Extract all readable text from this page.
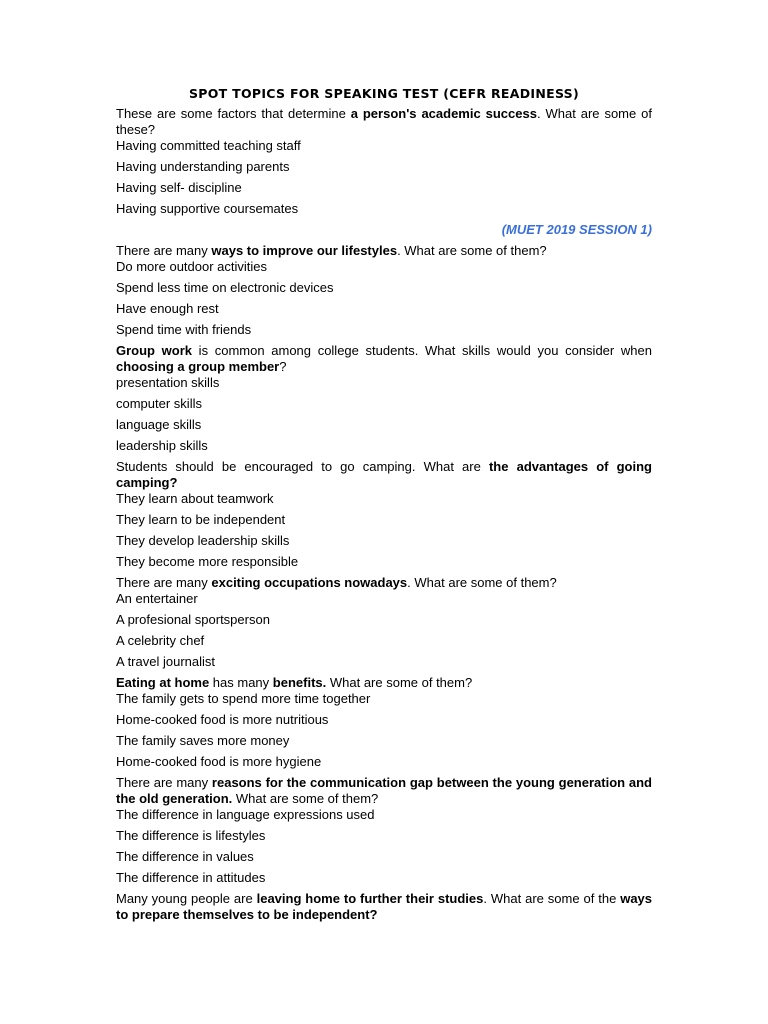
SPOT TOPICS FOR SPEAKING TEST (CEFR READINESS)
These are some factors that determine a person's academic success. What are some of these?
Having committed teaching staff
Having understanding parents
Having self- discipline
Having supportive coursemates
(MUET 2019 SESSION 1)
There are many ways to improve our lifestyles. What are some of them?
Do more outdoor activities
Spend less time on electronic devices
Have enough rest
Spend time with friends
Group work is common among college students. What skills would you consider when choosing a group member?
presentation skills
computer skills
language skills
leadership skills
Students should be encouraged to go camping. What are the advantages of going camping?
They learn about teamwork
They learn to be independent
They develop leadership skills
They become more responsible
There are many exciting occupations nowadays. What are some of them?
An entertainer
A profesional sportsperson
A celebrity chef
A travel journalist
Eating at home has many benefits. What are some of them?
The family gets to spend more time together
Home-cooked food is more nutritious
The family saves more money
Home-cooked food is more hygiene
There are many reasons for the communication gap between the young generation and the old generation. What are some of them?
The difference in language expressions used
The difference is lifestyles
The difference in values
The difference in attitudes
Many young people are leaving home to further their studies. What are some of the ways to prepare themselves to be independent?
